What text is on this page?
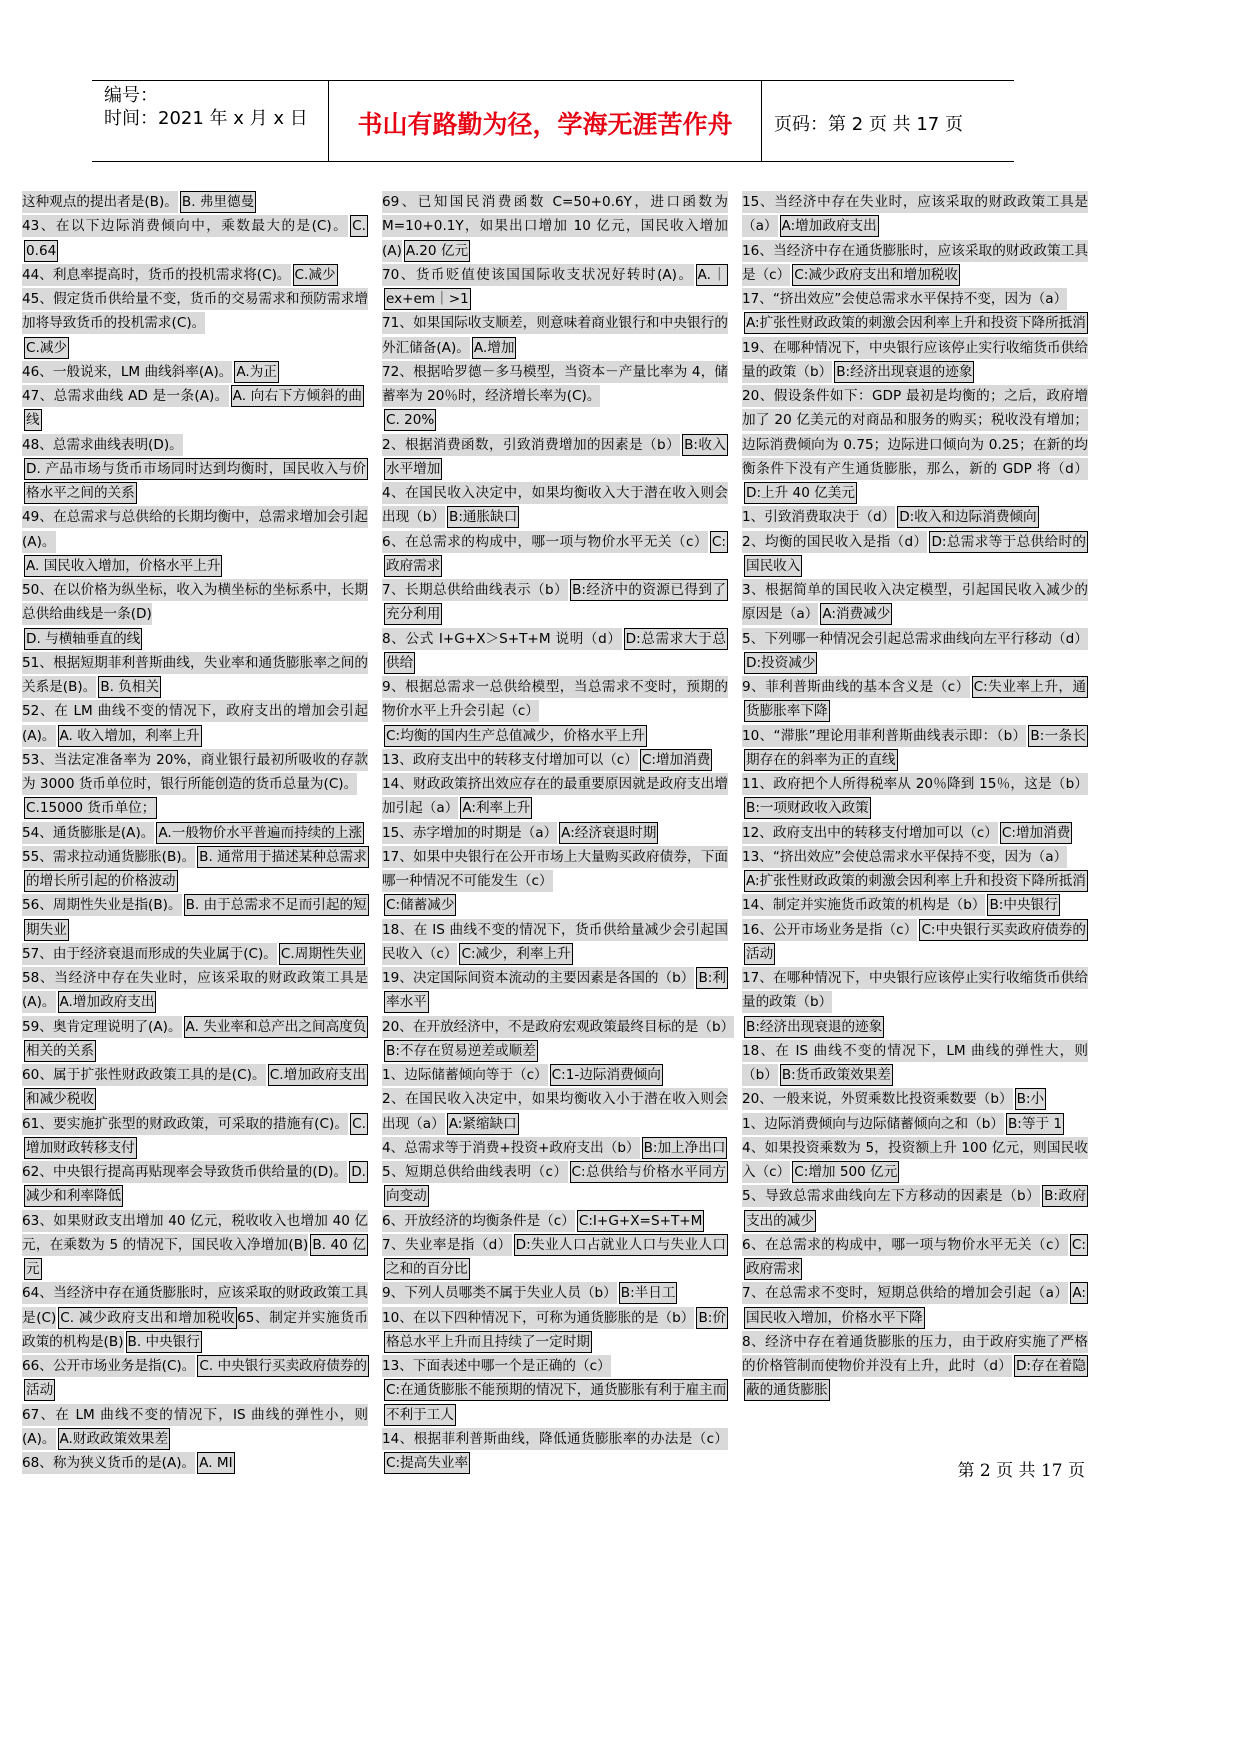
编号：
时间：2021 年 x 月 x 日	书山有路勤为径，学海无涯苦作舟	页码：第 2 页 共 17 页

这种观点的提出者是(B)。 B. 弗里德曼

43、在以下边际消费倾向中，乘数最大的是(C)。 C. 0.64

44、利息率提高时，货币的投机需求将(C)。 C.减少

45、假定货币供给量不变，货币的交易需求和预防需求增加将导致货币的投机需求(C)。

C.减少

46、一般说来，LM 曲线斜率(A)。 A.为正

47、总需求曲线 AD 是一条(A)。 A. 向右下方倾斜的曲线

48、总需求曲线表明(D)。

D. 产品市场与货币市场同时达到均衡时，国民收入与价格水平之间的关系

49、在总需求与总供给的长期均衡中，总需求增加会引起(A)。

A. 国民收入增加，价格水平上升

50、在以价格为纵坐标，收入为横坐标的坐标系中，长期总供给曲线是一条(D)

D. 与横轴垂直的线

51、根据短期菲利普斯曲线，失业率和通货膨胀率之间的关系是(B)。 B. 负相关

52、在 LM 曲线不变的情况下，政府支出的增加会引起(A)。 A. 收入增加，利率上升

53、当法定准备率为 20%，商业银行最初所吸收的存款为 3000 货币单位时，银行所能创造的货币总量为(C)。

C.15000 货币单位；

54、通货膨胀是(A)。 A.一般物价水平普遍而持续的上涨

55、需求拉动通货膨胀(B)。 B. 通常用于描述某种总需求的增长所引起的价格波动

56、周期性失业是指(B)。 B. 由于总需求不足而引起的短期失业

57、由于经济衰退而形成的失业属于(C)。 C.周期性失业

58、当经济中存在失业时，应该采取的财政政策工具是(A)。 A.增加政府支出

59、奥肯定理说明了(A)。 A. 失业率和总产出之间高度负相关的关系

60、属于扩张性财政政策工具的是(C)。 C.增加政府支出和减少税收

61、要实施扩张型的财政政策，可采取的措施有(C)。 C.增加财政转移支付

62、中央银行提高再贴现率会导致货币供给量的(D)。 D.减少和利率降低

63、如果财政支出增加 40 亿元，税收收入也增加 40 亿元，在乘数为 5 的情况下，国民收入净增加(B) B. 40 亿元

64、当经济中存在通货膨胀时，应该采取的财政政策工具是(C) C. 减少政府支出和增加税收 65、制定并实施货币政策的机构是(B) B. 中央银行

66、公开市场业务是指(C)。 C. 中央银行买卖政府债券的活动

67、在 LM 曲线不变的情况下，IS 曲线的弹性小，则(A)。 A.财政政策效果差

68、称为狭义货币的是(A)。 A. MI

69、已知国民消费函数 C=50+0.6Y，进口函数为 M=10+0.1Y，如果出口增加 10 亿元，国民收入增加(A) A.20 亿元

70、货币贬值使该国国际收支状况好转时(A)。 A.｜ex+em｜>1

71、如果国际收支顺差，则意味着商业银行和中央银行的外汇储备(A)。 A.增加

72、根据哈罗德－多马模型，当资本－产量比率为 4，储蓄率为 20％时，经济增长率为(C)。

C. 20%

2、根据消费函数，引致消费增加的因素是（b） B:收入水平增加

4、在国民收入决定中，如果均衡收入大于潜在收入则会出现（b） B:通胀缺口

6、在总需求的构成中，哪一项与物价水平无关（c） C:政府需求

7、长期总供给曲线表示（b） B:经济中的资源已得到了充分利用

8、公式 I+G+X＞S+T+M 说明（d） D:总需求大于总供给

9、根据总需求一总供给模型，当总需求不变时，预期的物价水平上升会引起（c）

C:均衡的国内生产总值减少，价格水平上升

13、政府支出中的转移支付增加可以（c） C:增加消费

14、财政政策挤出效应存在的最重要原因就是政府支出增加引起（a） A:利率上升

15、赤字增加的时期是（a） A:经济衰退时期

17、如果中央银行在公开市场上大量购买政府债券，下面哪一种情况不可能发生（c）

C:储蓄减少

18、在 IS 曲线不变的情况下，货币供给量减少会引起国民收入（c） C:减少，利率上升

19、决定国际间资本流动的主要因素是各国的（b） B:利率水平

20、在开放经济中，不是政府宏观政策最终目标的是（b）B:不存在贸易逆差或顺差

1、边际储蓄倾向等于（c） C:1-边际消费倾向

2、在国民收入决定中，如果均衡收入小于潜在收入则会出现（a） A:紧缩缺口

4、总需求等于消费+投资+政府支出（b） B:加上净出口

5、短期总供给曲线表明（c） C:总供给与价格水平同方向变动

6、开放经济的均衡条件是（c） C:I+G+X=S+T+M

7、失业率是指（d） D:失业人口占就业人口与失业人口之和的百分比

9、下列人员哪类不属于失业人员（b） B:半日工

10、在以下四种情况下，可称为通货膨胀的是（b） B:价格总水平上升而且持续了一定时期

13、下面表述中哪一个是正确的（c）

C:在通货膨胀不能预期的情况下，通货膨胀有利于雇主而不利于工人

14、根据菲利普斯曲线，降低通货膨胀率的办法是（c）C:提高失业率

15、当经济中存在失业时，应该采取的财政政策工具是（a） A:增加政府支出

16、当经济中存在通货膨胀时，应该采取的财政政策工具是（c） C:减少政府支出和增加税收

17、“挤出效应”会使总需求水平保持不变，因为（a）

A:扩张性财政政策的刺激会因利率上升和投资下降所抵消

19、在哪种情况下，中央银行应该停止实行收缩货币供给量的政策（b） B:经济出现衰退的迹象

20、假设条件如下：GDP 最初是均衡的；之后，政府增加了 20 亿美元的对商品和服务的购买；税收没有增加；边际消费倾向为 0.75；边际进口倾向为 0.25；在新的均衡条件下没有产生通货膨胀，那么，新的 GDP 将（d）D:上升 40 亿美元

1、引致消费取决于（d） D:收入和边际消费倾向

2、均衡的国民收入是指（d） D:总需求等于总供给时的国民收入

3、根据简单的国民收入决定模型，引起国民收入减少的原因是（a） A:消费减少

5、下列哪一种情况会引起总需求曲线向左平行移动（d）D:投资减少

9、菲利普斯曲线的基本含义是（c） C:失业率上升，通货膨胀率下降

10、“滞胀”理论用菲利普斯曲线表示即：（b） B:一条长期存在的斜率为正的直线

11、政府把个人所得税率从 20％降到 15％，这是（b）B:一项财政收入政策

12、政府支出中的转移支付增加可以（c） C:增加消费

13、“挤出效应”会使总需求水平保持不变，因为（a）

A:扩张性财政政策的刺激会因利率上升和投资下降所抵消

14、制定并实施货币政策的机构是（b） B:中央银行

16、公开市场业务是指（c） C:中央银行买卖政府债券的活动

17、在哪种情况下，中央银行应该停止实行收缩货币供给量的政策（b）

B:经济出现衰退的迹象

18、在 IS 曲线不变的情况下，LM 曲线的弹性大，则（b） B:货币政策效果差

20、一般来说，外贸乘数比投资乘数要（b） B:小

1、边际消费倾向与边际储蓄倾向之和（b） B:等于 1

4、如果投资乘数为 5，投资额上升 100 亿元，则国民收入（c） C:增加 500 亿元

5、导致总需求曲线向左下方移动的因素是（b） B:政府支出的减少

6、在总需求的构成中，哪一项与物价水平无关（c） C:政府需求

7、在总需求不变时，短期总供给的增加会引起（a） A:国民收入增加，价格水平下降

8、经济中存在着通货膨胀的压力，由于政府实施了严格的价格管制而使物价并没有上升，此时（d） D:存在着隐蔽的通货膨胀

第 2 页 共 17 页
